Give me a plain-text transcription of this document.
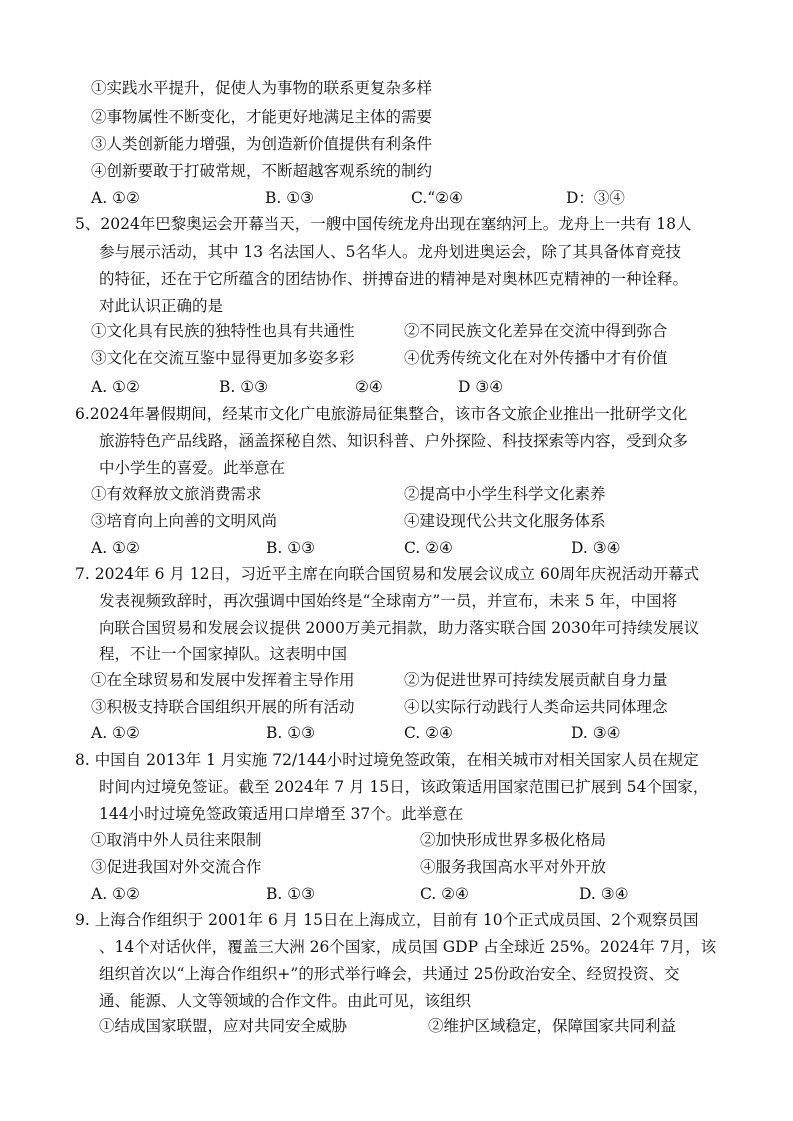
①实践水平提升，促使人为事物的联系更复杂多样
②事物属性不断变化，才能更好地满足主体的需要
③人类创新能力增强，为创造新价值提供有利条件
④创新要敢于打破常规，不断超越客观系统的制约
A. ①②	B. ①③	C.“②④	D：③④
5、2024年巴黎奥运会开幕当天，一艘中国传统龙舟出现在塞纳河上。龙舟上一共有 18人
参与展示活动，其中 13 名法国人、5名华人。龙舟划进奥运会，除了其具备体育竞技
的特征，还在于它所蕴含的团结协作、拼搏奋进的精神是对奥林匹克精神的一种诠释。
对此认识正确的是
①文化具有民族的独特性也具有共通性	②不同民族文化差异在交流中得到弥合
③文化在交流互鉴中显得更加多姿多彩	④优秀传统文化在对外传播中才有价值
A. ①②	B. ①③	②④	D ③④
6.2024年暑假期间，经某市文化广电旅游局征集整合，该市各文旅企业推出一批研学文化
旅游特色产品线路，涵盖探秘自然、知识科普、户外探险、科技探索等内容，受到众多
中小学生的喜爱。此举意在
①有效释放文旅消费需求	②提高中小学生科学文化素养
③培育向上向善的文明风尚	④建设现代公共文化服务体系
A. ①②	B. ①③	C. ②④	D. ③④
7. 2024年 6 月 12日，习近平主席在向联合国贸易和发展会议成立 60周年庆祝活动开幕式
发表视频致辞时，再次强调中国始终是“全球南方”一员，并宣布，未来 5 年，中国将
向联合国贸易和发展会议提供 2000万美元捐款，助力落实联合国 2030年可持续发展议
程，不让一个国家掉队。这表明中国
①在全球贸易和发展中发挥着主导作用	②为促进世界可持续发展贡献自身力量
③积极支持联合国组织开展的所有活动	④以实际行动践行人类命运共同体理念
A. ①②	B. ①③	C. ②④	D. ③④
8. 中国自 2013年 1 月实施 72/144小时过境免签政策，在相关城市对相关国家人员在规定
时间内过境免签证。截至 2024年 7 月 15日，该政策适用国家范围已扩展到 54个国家，
144小时过境免签政策适用口岸增至 37个。此举意在
①取消中外人员往来限制	②加快形成世界多极化格局
③促进我国对外交流合作	④服务我国高水平对外开放
A. ①②	B. ①③	C. ②④	D. ③④
9. 上海合作组织于 2001年 6 月 15日在上海成立，目前有 10个正式成员国、2个观察员国
、14个对话伙伴，覆盖三大洲 26个国家，成员国 GDP 占全球近 25%。2024年 7月，该
组织首次以“上海合作组织+”的形式举行峰会，共通过 25份政治安全、经贸投资、交
通、能源、人文等领域的合作文件。由此可见，该组织
①结成国家联盟，应对共同安全威胁	②维护区域稳定，保障国家共同利益
